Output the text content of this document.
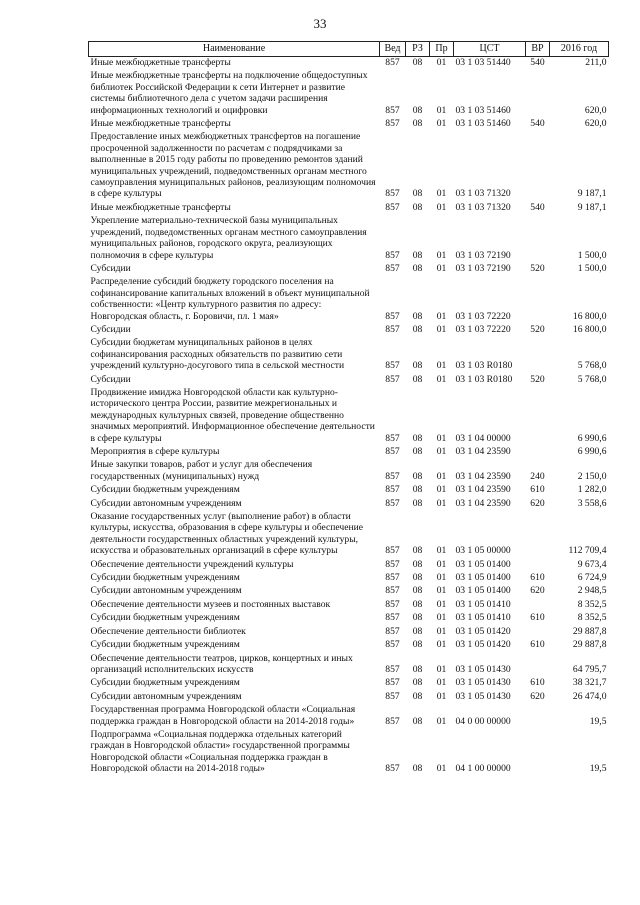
33
Наименование	Вед	РЗ	Пр	ЦСТ	ВР	2016 год
Иные межбюджетные трансферты	857	08	01	03 1 03 51440	540	211,0
Иные межбюджетные трансферты на подключение общедоступных библиотек Российской Федерации к сети Интернет и развитие системы библиотечного дела с учетом задачи расширения информационных технологий и оцифровки	857	08	01	03 1 03 51460		620,0
Иные межбюджетные трансферты	857	08	01	03 1 03 51460	540	620,0
Предоставление иных межбюджетных трансфертов на погашение просроченной задолженности по расчетам с подрядчиками за выполненные в 2015 году работы по проведению ремонтов зданий муниципальных учреждений, подведомственных органам местного самоуправления муниципальных районов, реализующим полномочия в сфере культуры	857	08	01	03 1 03 71320		9 187,1
Иные межбюджетные трансферты	857	08	01	03 1 03 71320	540	9 187,1
Укрепление материально-технической базы муниципальных учреждений, подведомственных органам местного самоуправления муниципальных районов, городского округа, реализующих полномочия в сфере культуры	857	08	01	03 1 03 72190		1 500,0
Субсидии	857	08	01	03 1 03 72190	520	1 500,0
Распределение субсидий бюджету городского поселения на софинансирование капитальных вложений в объект муниципальной собственности: «Центр культурного развития по адресу: Новгородская область, г. Боровичи, пл. 1 мая»	857	08	01	03 1 03 72220		16 800,0
Субсидии	857	08	01	03 1 03 72220	520	16 800,0
Субсидии бюджетам муниципальных районов в целях софинансирования расходных обязательств по развитию сети учреждений культурно-досугового типа в сельской местности	857	08	01	03 1 03 R0180		5 768,0
Субсидии	857	08	01	03 1 03 R0180	520	5 768,0
Продвижение имиджа Новгородской области как культурно-исторического центра России, развитие межрегиональных и международных культурных связей, проведение общественно значимых мероприятий. Информационное обеспечение деятельности в сфере культуры	857	08	01	03 1 04 00000		6 990,6
Мероприятия в сфере культуры	857	08	01	03 1 04 23590		6 990,6
Иные закупки товаров, работ и услуг для обеспечения государственных (муниципальных) нужд	857	08	01	03 1 04 23590	240	2 150,0
Субсидии бюджетным учреждениям	857	08	01	03 1 04 23590	610	1 282,0
Субсидии автономным учреждениям	857	08	01	03 1 04 23590	620	3 558,6
Оказание государственных услуг (выполнение работ) в области культуры, искусства, образования в сфере культуры и обеспечение деятельности государственных областных учреждений культуры, искусства и образовательных организаций в сфере культуры	857	08	01	03 1 05 00000		112 709,4
Обеспечение деятельности учреждений культуры	857	08	01	03 1 05 01400		9 673,4
Субсидии бюджетным учреждениям	857	08	01	03 1 05 01400	610	6 724,9
Субсидии автономным учреждениям	857	08	01	03 1 05 01400	620	2 948,5
Обеспечение деятельности музеев и постоянных выставок	857	08	01	03 1 05 01410		8 352,5
Субсидии бюджетным учреждениям	857	08	01	03 1 05 01410	610	8 352,5
Обеспечение деятельности библиотек	857	08	01	03 1 05 01420		29 887,8
Субсидии бюджетным учреждениям	857	08	01	03 1 05 01420	610	29 887,8
Обеспечение деятельности театров, цирков, концертных и иных организаций исполнительских искусств	857	08	01	03 1 05 01430		64 795,7
Субсидии бюджетным учреждениям	857	08	01	03 1 05 01430	610	38 321,7
Субсидии автономным учреждениям	857	08	01	03 1 05 01430	620	26 474,0
Государственная программа Новгородской области «Социальная поддержка граждан в Новгородской области на 2014-2018 годы»	857	08	01	04 0 00 00000		19,5
Подпрограмма «Социальная поддержка отдельных категорий граждан в Новгородской области» государственной программы Новгородской области «Социальная поддержка граждан в Новгородской области на 2014-2018 годы»	857	08	01	04 1 00 00000		19,5
